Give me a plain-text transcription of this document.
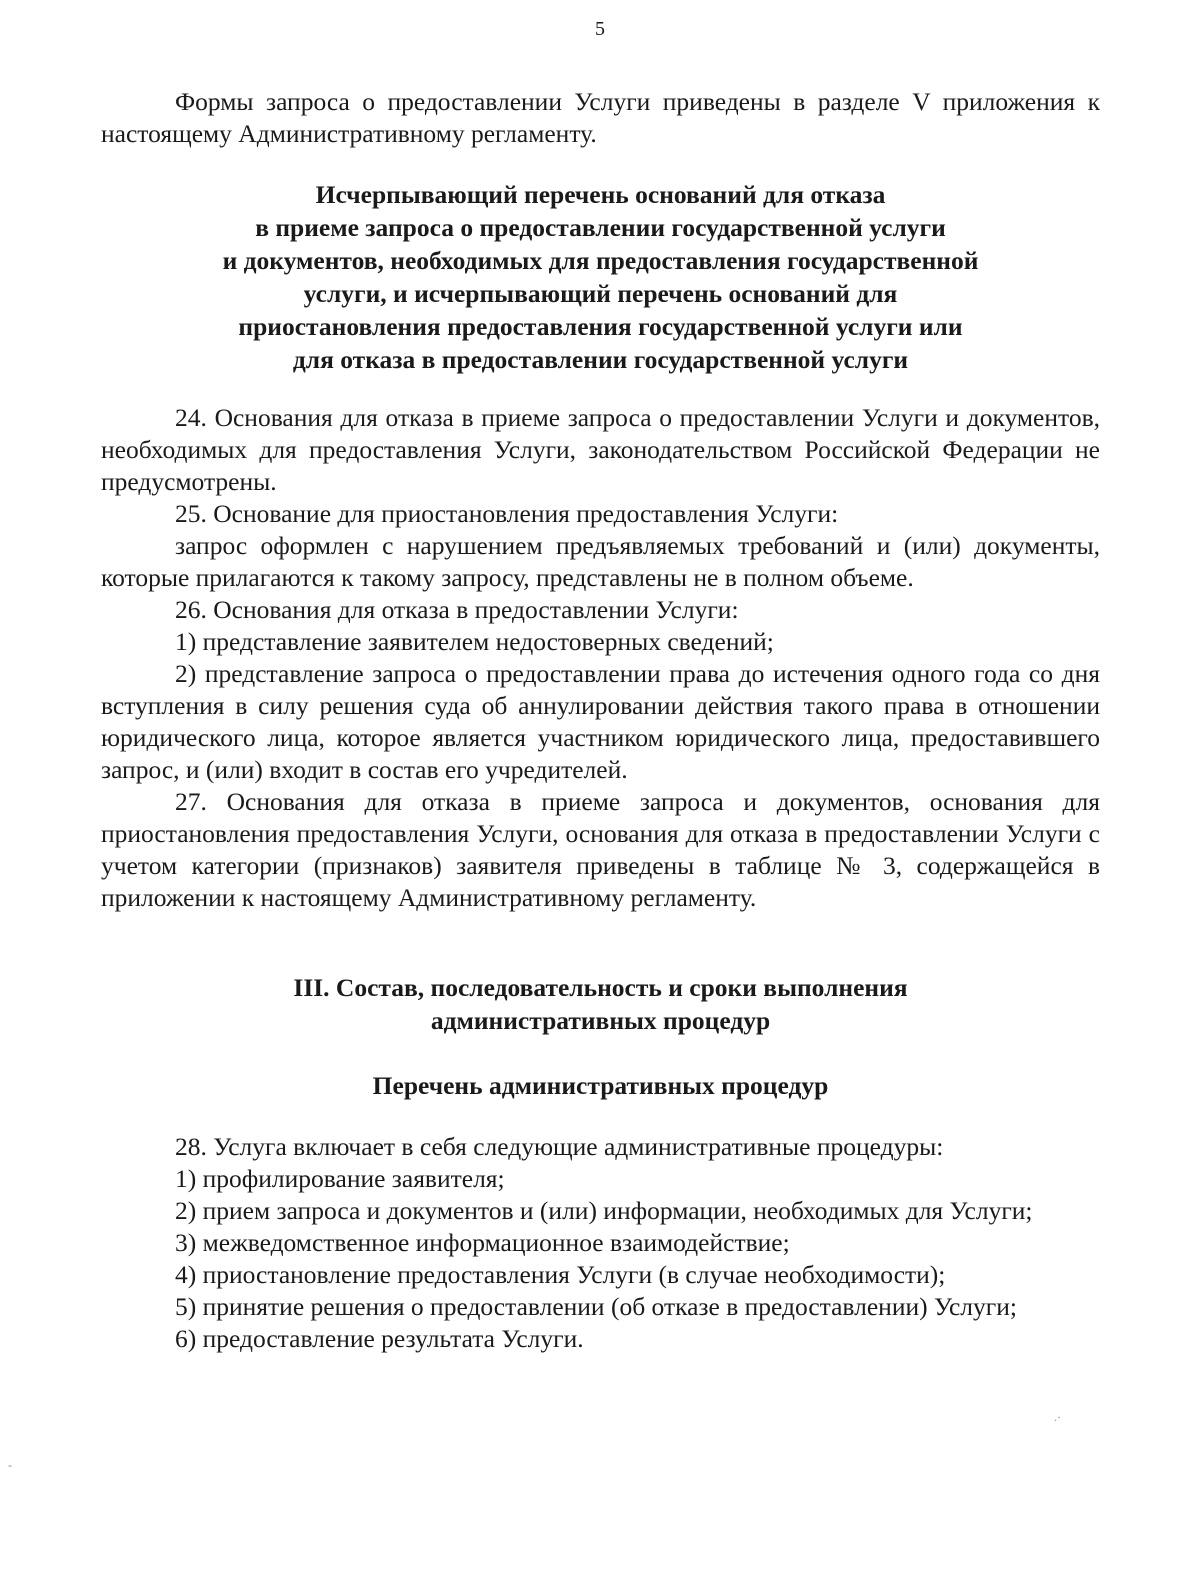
5

Формы запроса о предоставлении Услуги приведены в разделе V приложения к настоящему Административному регламенту.

Исчерпывающий перечень оснований для отказа
в приеме запроса о предоставлении государственной услуги
и документов, необходимых для предоставления государственной
услуги, и исчерпывающий перечень оснований для
приостановления предоставления государственной услуги или
для отказа в предоставлении государственной услуги

24. Основания для отказа в приеме запроса о предоставлении Услуги и документов, необходимых для предоставления Услуги, законодательством Российской Федерации не предусмотрены.

25. Основание для приостановления предоставления Услуги:

запрос оформлен с нарушением предъявляемых требований и (или) документы, которые прилагаются к такому запросу, представлены не в полном объеме.

26. Основания для отказа в предоставлении Услуги:

1) представление заявителем недостоверных сведений;

2) представление запроса о предоставлении права до истечения одного года со дня вступления в силу решения суда об аннулировании действия такого права в отношении юридического лица, которое является участником юридического лица, предоставившего запрос, и (или) входит в состав его учредителей.

27. Основания для отказа в приеме запроса и документов, основания для приостановления предоставления Услуги, основания для отказа в предоставлении Услуги с учетом категории (признаков) заявителя приведены в таблице № 3, содержащейся в приложении к настоящему Административному регламенту.

III. Состав, последовательность и сроки выполнения
административных процедур
Перечень административных процедур

28. Услуга включает в себя следующие административные процедуры:

1) профилирование заявителя;

2) прием запроса и документов и (или) информации, необходимых для Услуги;

3) межведомственное информационное взаимодействие;

4) приостановление предоставления Услуги (в случае необходимости);

5) принятие решения о предоставлении (об отказе в предоставлении) Услуги;

6) предоставление результата Услуги.

.·
-
